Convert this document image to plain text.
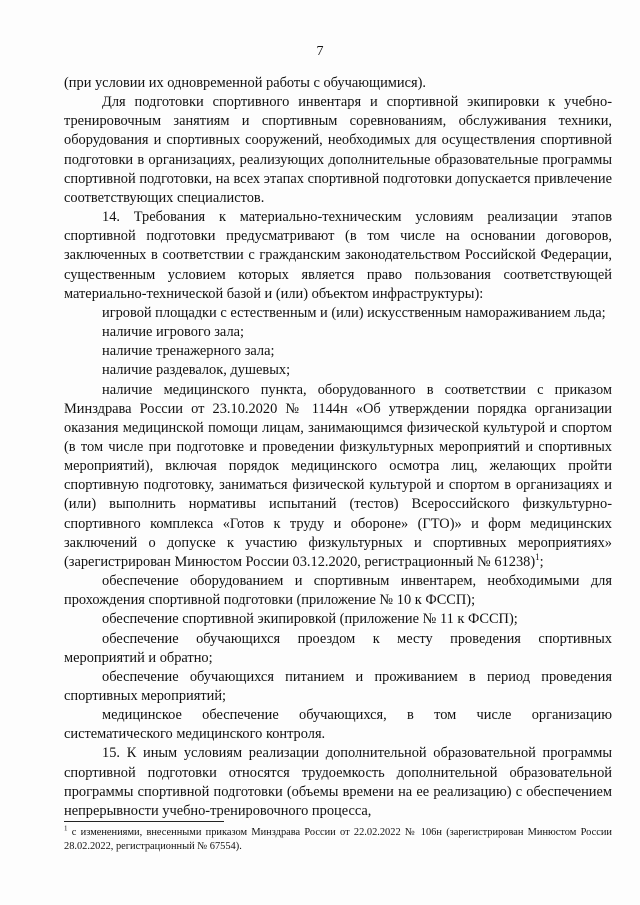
7

(при условии их одновременной работы с обучающимися).

Для подготовки спортивного инвентаря и спортивной экипировки к учебно-тренировочным занятиям и спортивным соревнованиям, обслуживания техники, оборудования и спортивных сооружений, необходимых для осуществления спортивной подготовки в организациях, реализующих дополнительные образовательные программы спортивной подготовки, на всех этапах спортивной подготовки допускается привлечение соответствующих специалистов.

14. Требования к материально-техническим условиям реализации этапов спортивной подготовки предусматривают (в том числе на основании договоров, заключенных в соответствии с гражданским законодательством Российской Федерации, существенным условием которых является право пользования соответствующей материально-технической базой и (или) объектом инфраструктуры):

игровой площадки с естественным и (или) искусственным намораживанием льда;

наличие игрового зала;

наличие тренажерного зала;

наличие раздевалок, душевых;

наличие медицинского пункта, оборудованного в соответствии с приказом Минздрава России от 23.10.2020 № 1144н «Об утверждении порядка организации оказания медицинской помощи лицам, занимающимся физической культурой и спортом (в том числе при подготовке и проведении физкультурных мероприятий и спортивных мероприятий), включая порядок медицинского осмотра лиц, желающих пройти спортивную подготовку, заниматься физической культурой и спортом в организациях и (или) выполнить нормативы испытаний (тестов) Всероссийского физкультурно-спортивного комплекса «Готов к труду и обороне» (ГТО)» и форм медицинских заключений о допуске к участию физкультурных и спортивных мероприятиях» (зарегистрирован Минюстом России 03.12.2020, регистрационный № 61238)$^1$;

обеспечение оборудованием и спортивным инвентарем, необходимыми для прохождения спортивной подготовки (приложение № 10 к ФССП);

обеспечение спортивной экипировкой (приложение № 11 к ФССП);

обеспечение обучающихся проездом к месту проведения спортивных мероприятий и обратно;

обеспечение обучающихся питанием и проживанием в период проведения спортивных мероприятий;

медицинское обеспечение обучающихся, в том числе организацию систематического медицинского контроля.

15. К иным условиям реализации дополнительной образовательной программы спортивной подготовки относятся трудоемкость дополнительной образовательной программы спортивной подготовки (объемы времени на ее реализацию) с обеспечением непрерывности учебно-тренировочного процесса,

$^1$ с изменениями, внесенными приказом Минздрава России от 22.02.2022 № 106н (зарегистрирован Минюстом России 28.02.2022, регистрационный № 67554).
